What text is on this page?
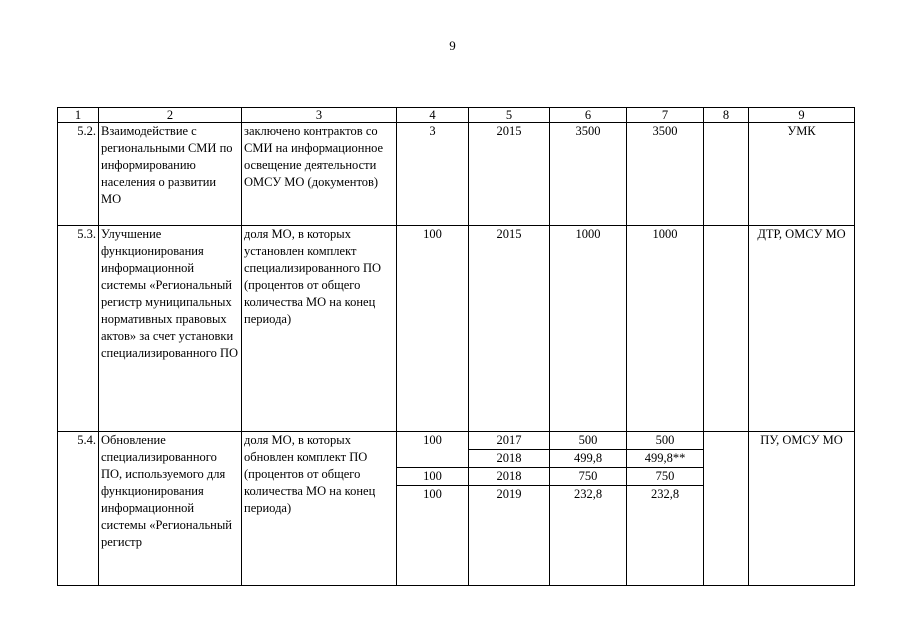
9
1	2	3	4	5	6	7	8	9
5.2.	Взаимодействие с региональными СМИ по информированию населения о развитии МО	заключено контрактов со СМИ на информационное освещение деятельности ОМСУ МО (документов)	3	2015	3500	3500		УМК
5.3.	Улучшение функционирования информационной системы «Региональный регистр муниципальных нормативных правовых актов» за счет установки специализированного ПО	доля МО, в которых установлен комплект специализированного ПО (процентов от общего количества МО на конец периода)	100	2015	1000	1000		ДТР, ОМСУ МО
5.4.	Обновление специализированного ПО, используемого для функционирования информационной системы «Региональный регистр	доля МО, в которых обновлен комплект ПО (процентов от общего количества МО на конец периода)	100	2017	500	500		ПУ, ОМСУ МО
				2018	499,8	499,8**		
			100	2018	750	750		
			100	2019	232,8	232,8		
